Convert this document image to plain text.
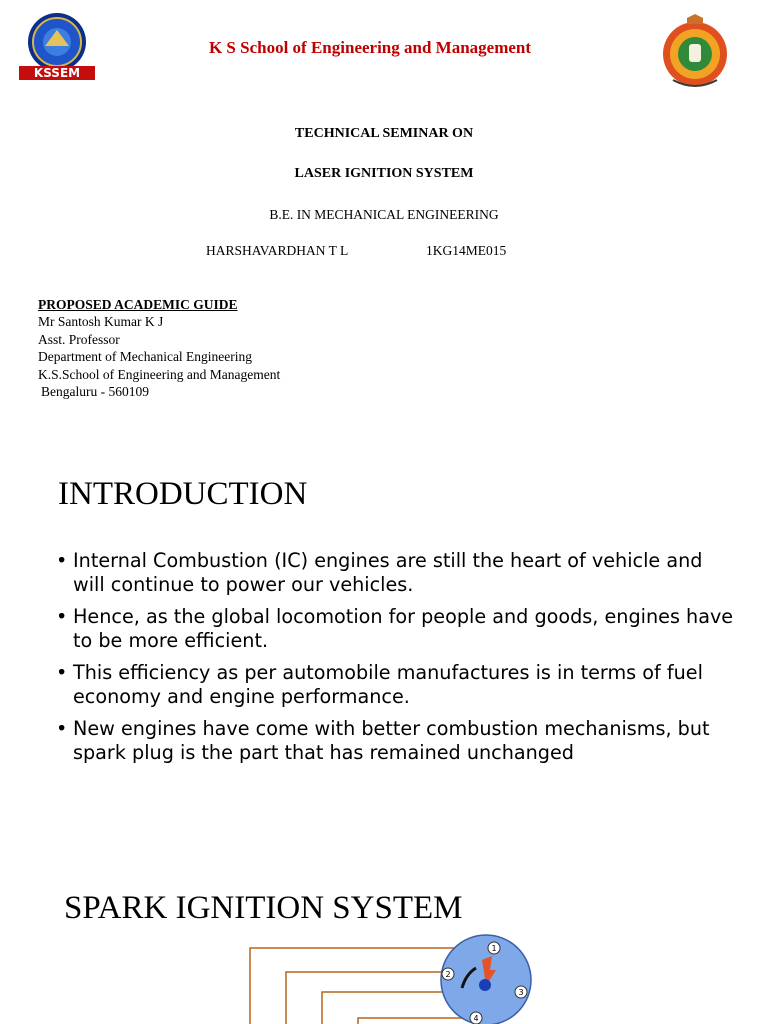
KSSEM
K S School of Engineering and Management
TECHNICAL SEMINAR ON
LASER IGNITION SYSTEM
B.E. IN MECHANICAL ENGINEERING
HARSHAVARDHAN T L	1KG14ME015
PROPOSED ACADEMIC GUIDE
Mr Santosh Kumar K J
Asst. Professor
Department of Mechanical Engineering
K.S.School of Engineering and Management
Bengaluru - 560109
INTRODUCTION
• Internal Combustion (IC) engines are still the heart of vehicle and will continue to power our vehicles.
• Hence, as the global locomotion for people and goods, engines have to be more efficient.
• This efficiency as per automobile manufactures is in terms of fuel economy and engine performance.
• New engines have come with better combustion mechanisms, but spark plug is the part that has remained unchanged
SPARK IGNITION SYSTEM
1
2
3
4
